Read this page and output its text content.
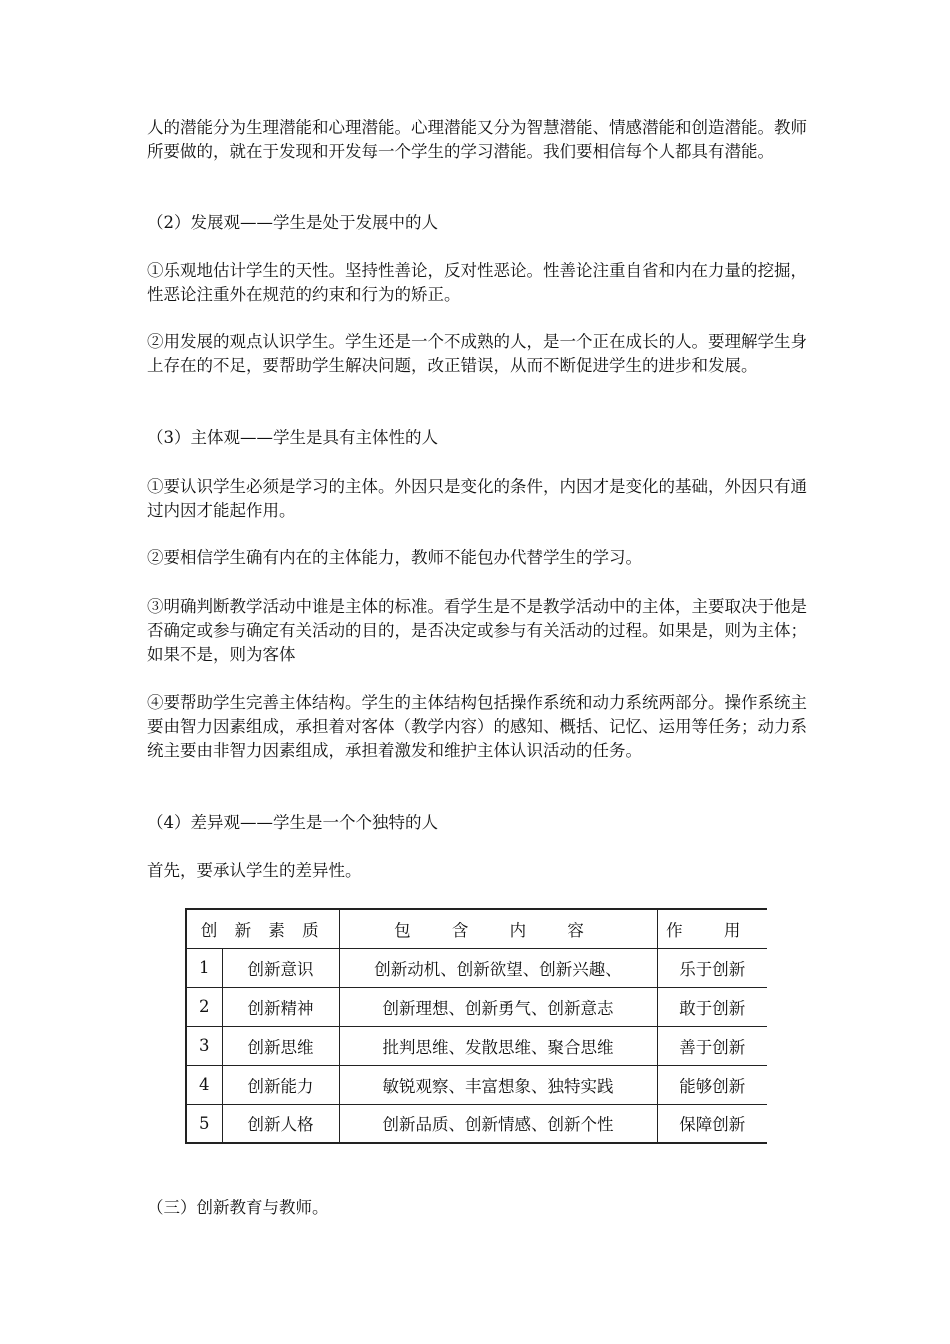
人的潜能分为生理潜能和心理潜能。心理潜能又分为智慧潜能、情感潜能和创造潜能。教师所要做的，就在于发现和开发每一个学生的学习潜能。我们要相信每个人都具有潜能。

（2）发展观——学生是处于发展中的人

①乐观地估计学生的天性。坚持性善论，反对性恶论。性善论注重自省和内在力量的挖掘，性恶论注重外在规范的约束和行为的矫正。

②用发展的观点认识学生。学生还是一个不成熟的人，是一个正在成长的人。要理解学生身上存在的不足，要帮助学生解决问题，改正错误，从而不断促进学生的进步和发展。

（3）主体观——学生是具有主体性的人

①要认识学生必须是学习的主体。外因只是变化的条件，内因才是变化的基础，外因只有通过内因才能起作用。

②要相信学生确有内在的主体能力，教师不能包办代替学生的学习。

③明确判断教学活动中谁是主体的标准。看学生是不是教学活动中的主体，主要取决于他是否确定或参与确定有关活动的目的，是否决定或参与有关活动的过程。如果是，则为主体；如果不是，则为客体

④要帮助学生完善主体结构。学生的主体结构包括操作系统和动力系统两部分。操作系统主要由智力因素组成，承担着对客体（教学内容）的感知、概括、记忆、运用等任务；动力系统主要由非智力因素组成，承担着激发和维护主体认识活动的任务。

（4）差异观——学生是一个个独特的人

首先，要承认学生的差异性。

创 新 素 质		包 含 内 容	作 用
1	创新意识	创新动机、创新欲望、创新兴趣、	乐于创新
2	创新精神	创新理想、创新勇气、创新意志	敢于创新
3	创新思维	批判思维、发散思维、聚合思维	善于创新
4	创新能力	敏锐观察、丰富想象、独特实践	能够创新
5	创新人格	创新品质、创新情感、创新个性	保障创新

（三）创新教育与教师。
